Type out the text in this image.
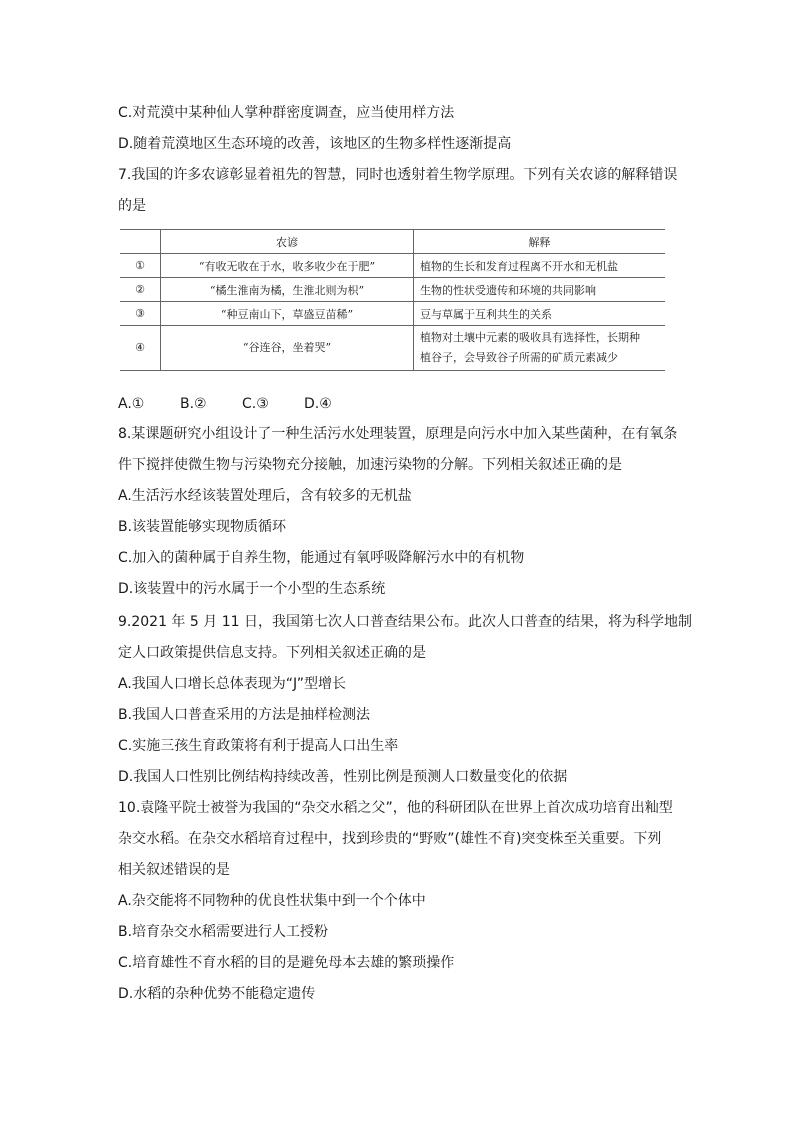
C.对荒漠中某种仙人掌种群密度调查，应当使用样方法
D.随着荒漠地区生态环境的改善，该地区的生物多样性逐渐提高
7.我国的许多农谚彰显着祖先的智慧，同时也透射着生物学原理。下列有关农谚的解释错误
的是
	农谚	解释
①	“有收无收在于水，收多收少在于肥”	植物的生长和发育过程离不开水和无机盐
②	“橘生淮南为橘，生淮北则为枳”	生物的性状受遗传和环境的共同影响
③	“种豆南山下，草盛豆苗稀”	豆与草属于互利共生的关系
④	“谷连谷，坐着哭”	植物对土壤中元素的吸收具有选择性，长期种
植谷子，会导致谷子所需的矿质元素减少
A.①	B.②	C.③	D.④
8.某课题研究小组设计了一种生活污水处理装置，原理是向污水中加入某些菌种，在有氧条
件下搅拌使微生物与污染物充分接触，加速污染物的分解。下列相关叙述正确的是
A.生活污水经该装置处理后，含有较多的无机盐
B.该装置能够实现物质循环
C.加入的菌种属于自养生物，能通过有氧呼吸降解污水中的有机物
D.该装置中的污水属于一个小型的生态系统
9.2021 年 5 月 11 日，我国第七次人口普查结果公布。此次人口普查的结果，将为科学地制
定人口政策提供信息支持。下列相关叙述正确的是
A.我国人口增长总体表现为“J”型增长
B.我国人口普查采用的方法是抽样检测法
C.实施三孩生育政策将有利于提高人口出生率
D.我国人口性别比例结构持续改善，性别比例是预测人口数量变化的依据
10.袁隆平院士被誉为我国的“杂交水稻之父”，他的科研团队在世界上首次成功培育出籼型
杂交水稻。在杂交水稻培育过程中，找到珍贵的“野败”(雄性不育)突变株至关重要。下列
相关叙述错误的是
A.杂交能将不同物种的优良性状集中到一个个体中
B.培育杂交水稻需要进行人工授粉
C.培育雄性不育水稻的目的是避免母本去雄的繁琐操作
D.水稻的杂种优势不能稳定遗传
